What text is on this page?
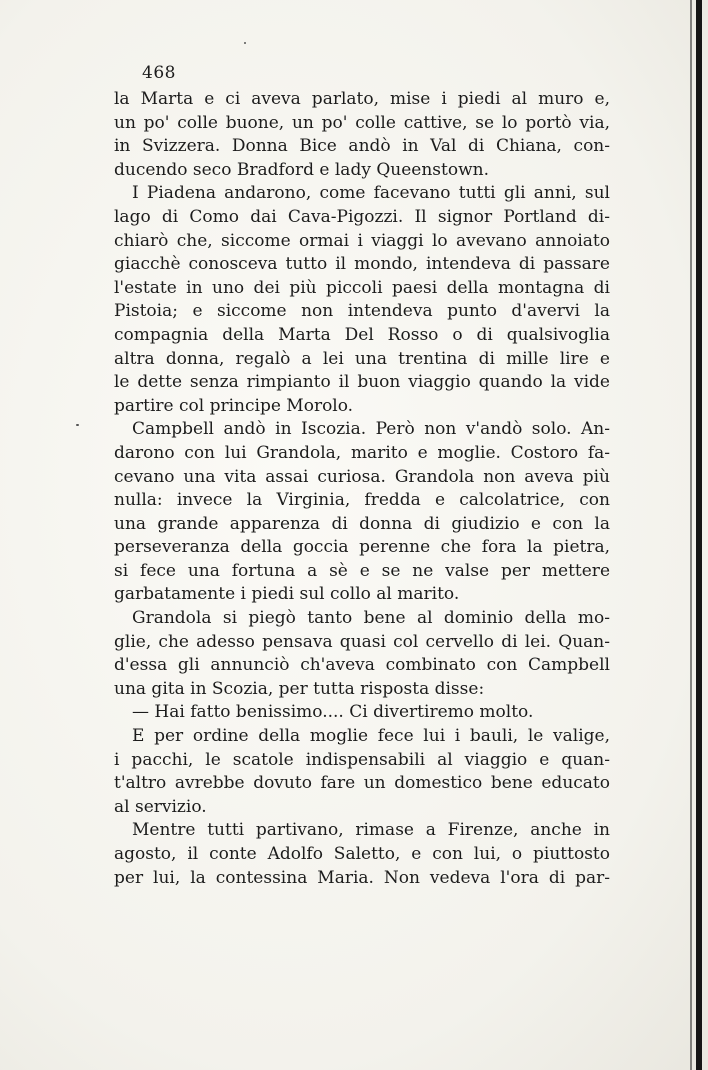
468
la Marta e ci aveva parlato, mise i piedi al muro e,
un po' colle buone, un po' colle cattive, se lo portò via,
in Svizzera. Donna Bice andò in Val di Chiana, con-
ducendo seco Bradford e lady Queenstown.
I Piadena andarono, come facevano tutti gli anni, sul
lago di Como dai Cava-Pigozzi. Il signor Portland di-
chiarò che, siccome ormai i viaggi lo avevano annoiato
giacchè conosceva tutto il mondo, intendeva di passare
l'estate in uno dei più piccoli paesi della montagna di
Pistoia; e siccome non intendeva punto d'avervi la
compagnia della Marta Del Rosso o di qualsivoglia
altra donna, regalò a lei una trentina di mille lire e
le dette senza rimpianto il buon viaggio quando la vide
partire col principe Morolo.
Campbell andò in Iscozia. Però non v'andò solo. An-
darono con lui Grandola, marito e moglie. Costoro fa-
cevano una vita assai curiosa. Grandola non aveva più
nulla: invece la Virginia, fredda e calcolatrice, con
una grande apparenza di donna di giudizio e con la
perseveranza della goccia perenne che fora la pietra,
si fece una fortuna a sè e se ne valse per mettere
garbatamente i piedi sul collo al marito.
Grandola si piegò tanto bene al dominio della mo-
glie, che adesso pensava quasi col cervello di lei. Quan-
d'essa gli annunciò ch'aveva combinato con Campbell
una gita in Scozia, per tutta risposta disse:
— Hai fatto benissimo.... Ci divertiremo molto.
E per ordine della moglie fece lui i bauli, le valige,
i pacchi, le scatole indispensabili al viaggio e quan-
t'altro avrebbe dovuto fare un domestico bene educato
al servizio.
Mentre tutti partivano, rimase a Firenze, anche in
agosto, il conte Adolfo Saletto, e con lui, o piuttosto
per lui, la contessina Maria. Non vedeva l'ora di par-
